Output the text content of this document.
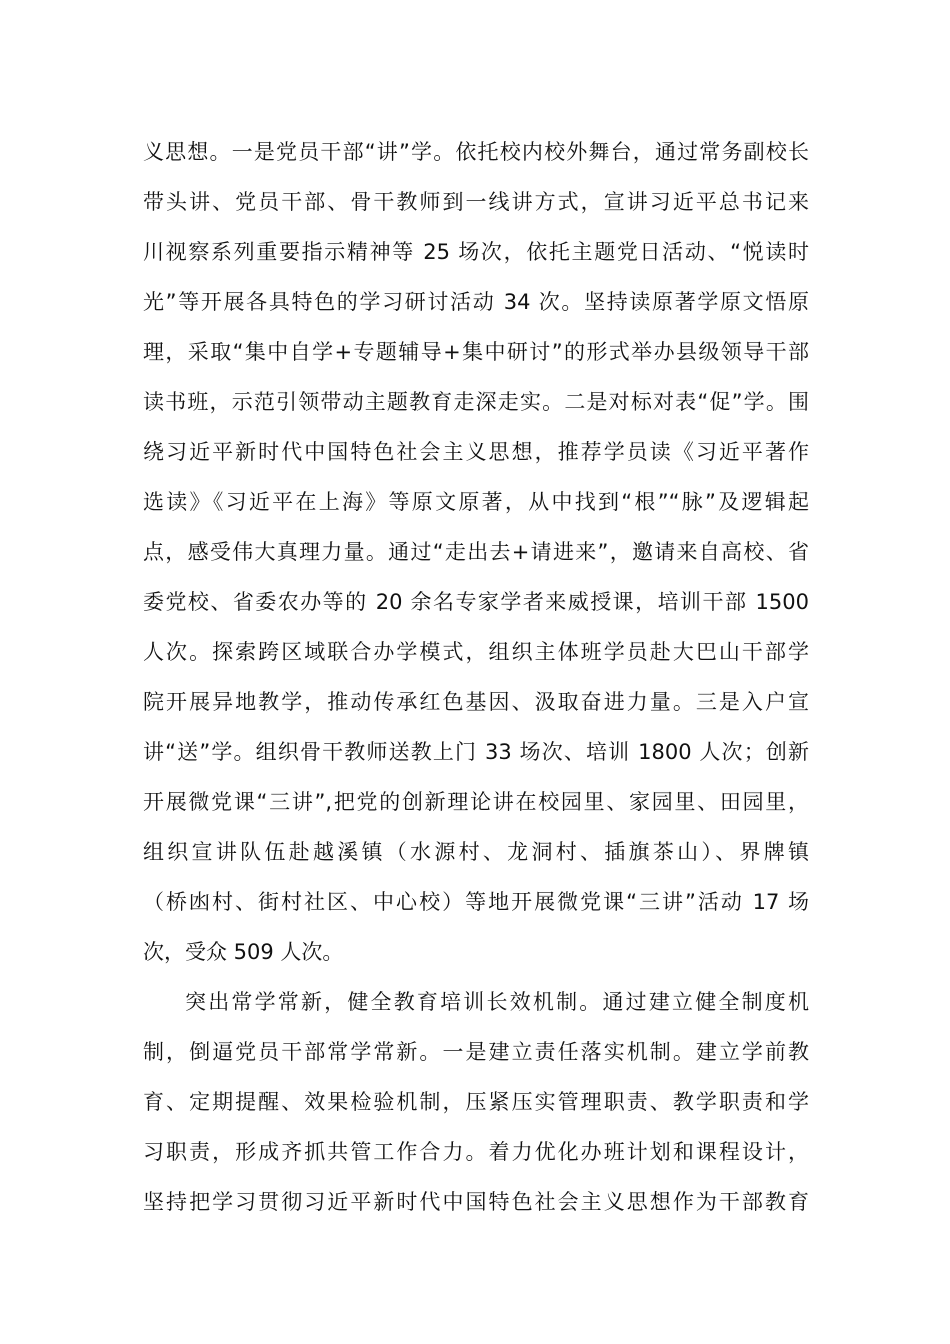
义思想。一是党员干部“讲”学。依托校内校外舞台，通过常务副校长
带头讲、党员干部、骨干教师到一线讲方式，宣讲习近平总书记来
川视察系列重要指示精神等 25 场次，依托主题党日活动、“悦读时
光”等开展各具特色的学习研讨活动 34 次。坚持读原著学原文悟原
理，采取“集中自学+专题辅导+集中研讨”的形式举办县级领导干部
读书班，示范引领带动主题教育走深走实。二是对标对表“促”学。围
绕习近平新时代中国特色社会主义思想，推荐学员读《习近平著作
选读》《习近平在上海》等原文原著，从中找到“根”“脉”及逻辑起
点，感受伟大真理力量。通过“走出去+请进来”，邀请来自高校、省
委党校、省委农办等的 20 余名专家学者来威授课，培训干部 1500
人次。探索跨区域联合办学模式，组织主体班学员赴大巴山干部学
院开展异地教学，推动传承红色基因、汲取奋进力量。三是入户宣
讲“送”学。组织骨干教师送教上门 33 场次、培训 1800 人次；创新
开展微党课“三讲”,把党的创新理论讲在校园里、家园里、田园里，
组织宣讲队伍赴越溪镇（水源村、龙洞村、插旗茶山）、界牌镇
（桥凼村、街村社区、中心校）等地开展微党课“三讲”活动 17 场
次，受众 509 人次。
突出常学常新，健全教育培训长效机制。通过建立健全制度机
制，倒逼党员干部常学常新。一是建立责任落实机制。建立学前教
育、定期提醒、效果检验机制，压紧压实管理职责、教学职责和学
习职责，形成齐抓共管工作合力。着力优化办班计划和课程设计，
坚持把学习贯彻习近平新时代中国特色社会主义思想作为干部教育
